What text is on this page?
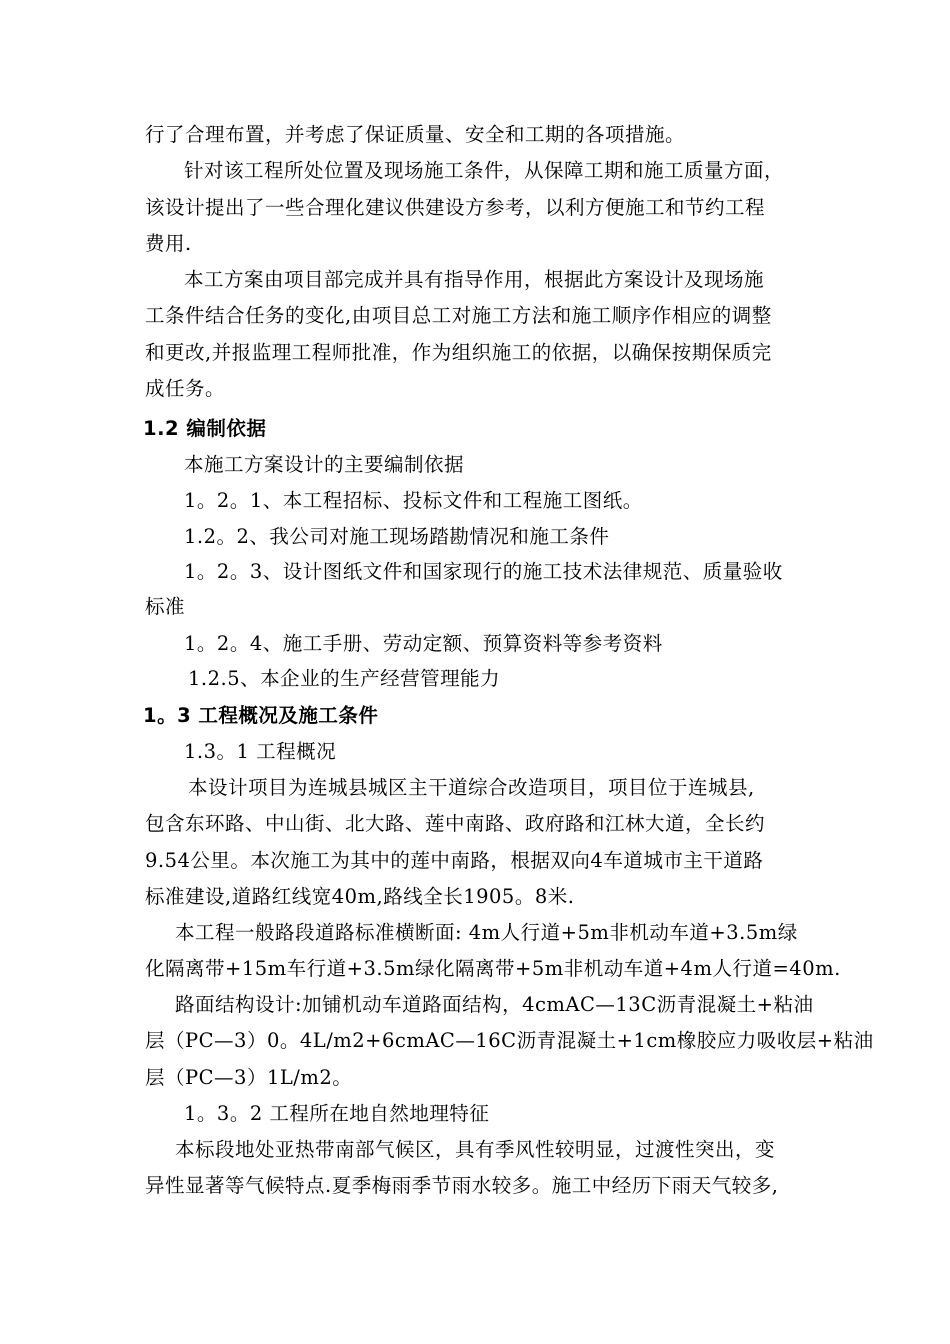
行了合理布置，并考虑了保证质量、安全和工期的各项措施。
针对该工程所处位置及现场施工条件，从保障工期和施工质量方面，
该设计提出了一些合理化建议供建设方参考，以利方便施工和节约工程
费用.
本工方案由项目部完成并具有指导作用，根据此方案设计及现场施
工条件结合任务的变化,由项目总工对施工方法和施工顺序作相应的调整
和更改,并报监理工程师批准，作为组织施工的依据，以确保按期保质完
成任务。
1.2 编制依据
本施工方案设计的主要编制依据
1。2。1、本工程招标、投标文件和工程施工图纸。
1.2。2、我公司对施工现场踏勘情况和施工条件
1。2。3、设计图纸文件和国家现行的施工技术法律规范、质量验收
标准
1。2。4、施工手册、劳动定额、预算资料等参考资料
1.2.5、本企业的生产经营管理能力
1。3 工程概况及施工条件
1.3。1 工程概况
本设计项目为连城县城区主干道综合改造项目，项目位于连城县,
包含东环路、中山街、北大路、莲中南路、政府路和江林大道，全长约
9.54公里。本次施工为其中的莲中南路，根据双向4车道城市主干道路
标准建设,道路红线宽40m,路线全长1905。8米.
本工程一般路段道路标准横断面: 4m人行道+5m非机动车道+3.5m绿
化隔离带+15m车行道+3.5m绿化隔离带+5m非机动车道+4m人行道=40m.
路面结构设计:加铺机动车道路面结构，4cmAC—13C沥青混凝土+粘油
层（PC—3）0。4L/m2+6cmAC—16C沥青混凝土+1cm橡胶应力吸收层+粘油
层（PC—3）1L/m2。
1。3。2 工程所在地自然地理特征
本标段地处亚热带南部气候区，具有季风性较明显，过渡性突出，变
异性显著等气候特点.夏季梅雨季节雨水较多。施工中经历下雨天气较多,
